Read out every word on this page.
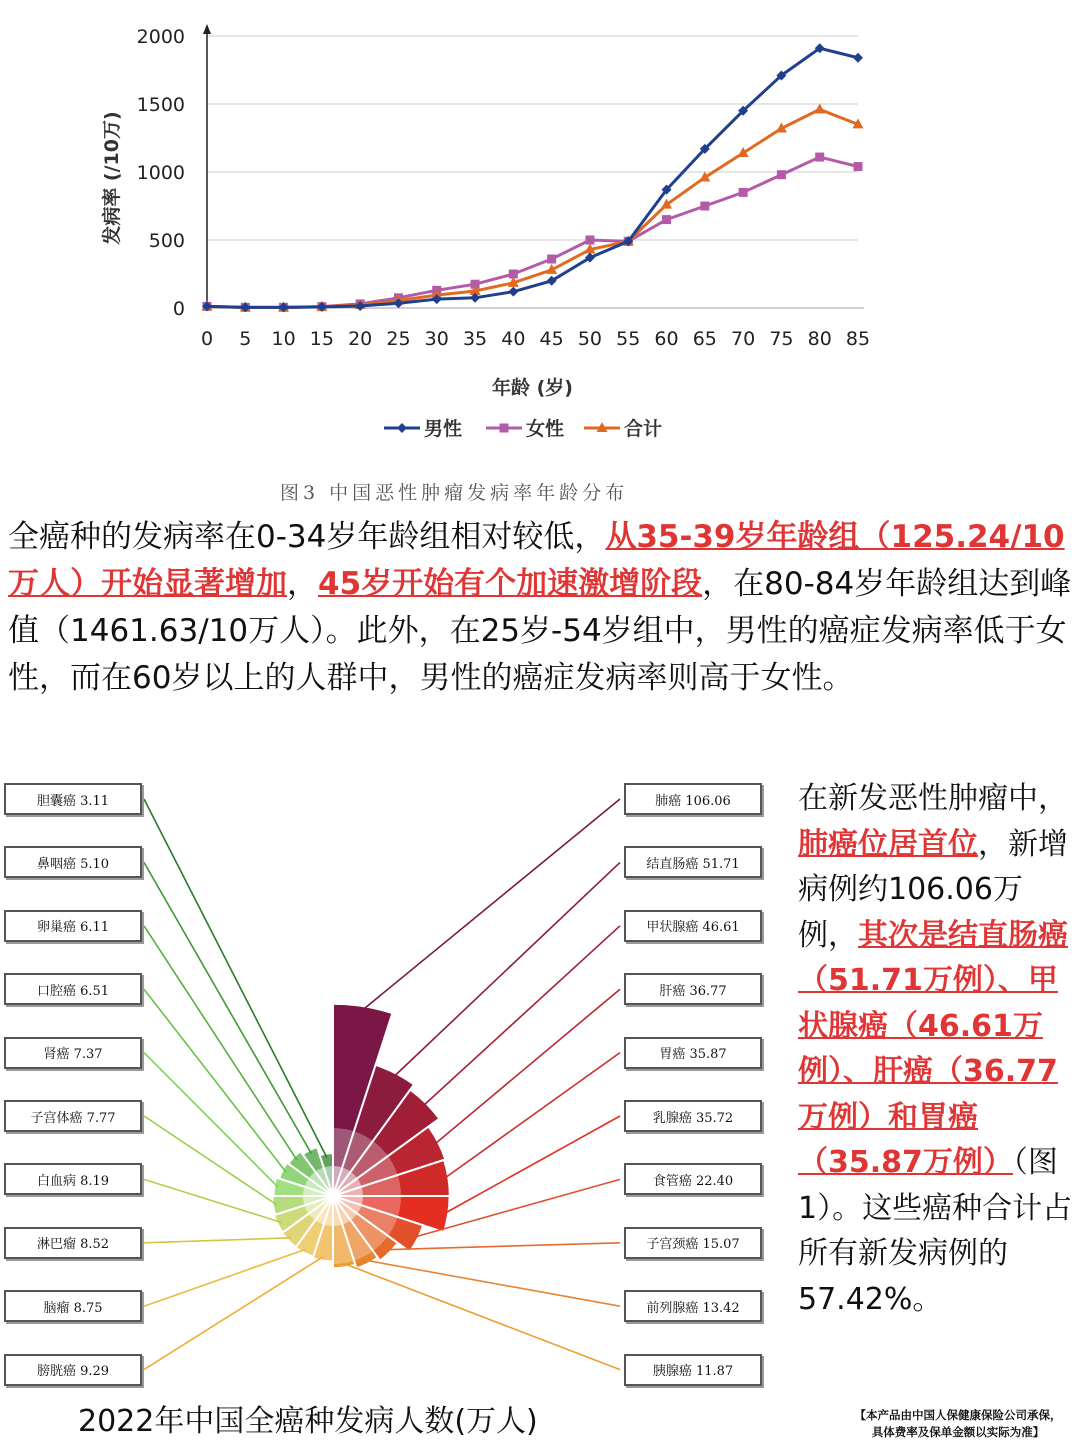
0
500
1000
1500
2000
0 5 10 15 20 25 30 35 40 45 50 55 60 65 70 75 80 85
年龄 (岁)
发病率 (/10万)
男性	女性	合计
图3 中国恶性肿瘤发病率年龄分布
全癌种的发病率在0-34岁年龄组相对较低，从35-39岁年龄组（125.24/10万人）开始显著增加，45岁开始有个加速激增阶段，在80-84岁年龄组达到峰值（1461.63/10万人）。此外，在25岁-54岁组中，男性的癌症发病率低于女性，而在60岁以上的人群中，男性的癌症发病率则高于女性。
胆囊癌 3.11
鼻咽癌 5.10
卵巢癌 6.11
口腔癌 6.51
肾癌 7.37
子宫体癌 7.77
白血病 8.19
淋巴瘤 8.52
脑瘤 8.75
膀胱癌 9.29
肺癌 106.06
结直肠癌 51.71
甲状腺癌 46.61
肝癌 36.77
胃癌 35.87
乳腺癌 35.72
食管癌 22.40
子宫颈癌 15.07
前列腺癌 13.42
胰腺癌 11.87
2022年中国全癌种发病人数(万人)
在新发恶性肿瘤中，肺癌位居首位，新增病例约106.06万例，其次是结直肠癌（51.71万例）、甲状腺癌（46.61万例）、肝癌（36.77万例）和胃癌（35.87万例）（图1）。这些癌种合计占所有新发病例的57.42%。
【本产品由中国人保健康保险公司承保，
具体费率及保单金额以实际为准】
